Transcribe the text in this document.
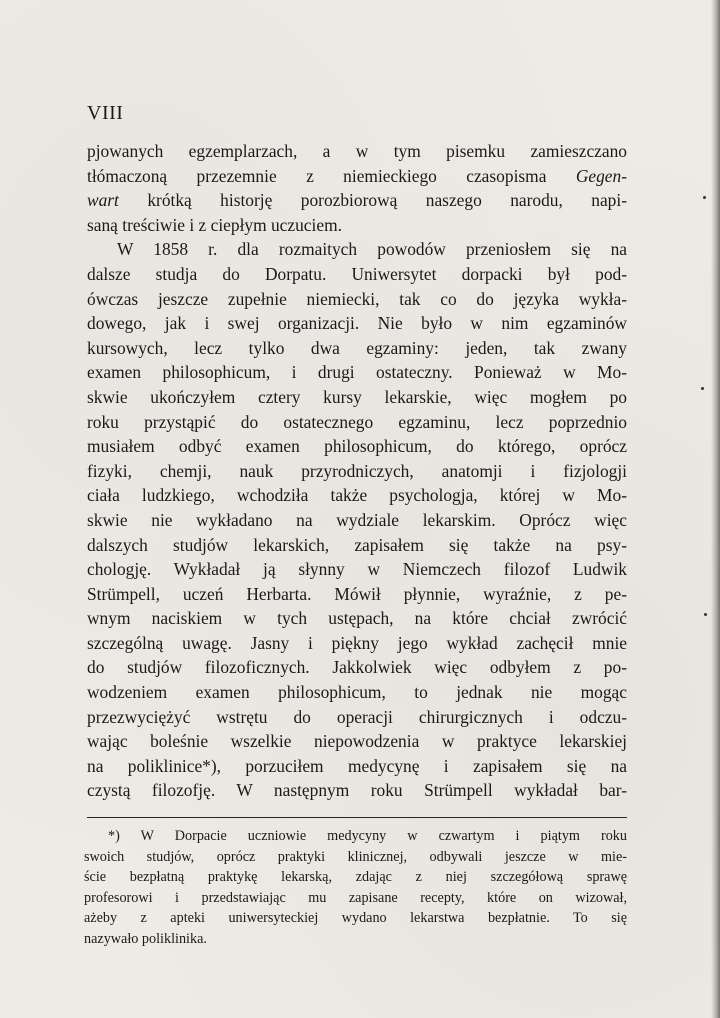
VIII
pjowanych egzemplarzach, a w tym pisemku zamieszczano
tłómaczoną przezemnie z niemieckiego czasopisma Gegen-
wart krótką historję porozbiorową naszego narodu, napi-
saną treściwie i z ciepłym uczuciem.
W 1858 r. dla rozmaitych powodów przeniosłem się na
dalsze studja do Dorpatu. Uniwersytet dorpacki był pod-
ówczas jeszcze zupełnie niemiecki, tak co do języka wykła-
dowego, jak i swej organizacji. Nie było w nim egzaminów
kursowych, lecz tylko dwa egzaminy: jeden, tak zwany
examen philosophicum, i drugi ostateczny. Ponieważ w Mo-
skwie ukończyłem cztery kursy lekarskie, więc mogłem po
roku przystąpić do ostatecznego egzaminu, lecz poprzednio
musiałem odbyć examen philosophicum, do którego, oprócz
fizyki, chemji, nauk przyrodniczych, anatomji i fizjologji
ciała ludzkiego, wchodziła także psychologja, której w Mo-
skwie nie wykładano na wydziale lekarskim. Oprócz więc
dalszych studjów lekarskich, zapisałem się także na psy-
chologję. Wykładał ją słynny w Niemczech filozof Ludwik
Strümpell, uczeń Herbarta. Mówił płynnie, wyraźnie, z pe-
wnym naciskiem w tych ustępach, na które chciał zwrócić
szczególną uwagę. Jasny i piękny jego wykład zachęcił mnie
do studjów filozoficznych. Jakkolwiek więc odbyłem z po-
wodzeniem examen philosophicum, to jednak nie mogąc
przezwyciężyć wstrętu do operacji chirurgicznych i odczu-
wając boleśnie wszelkie niepowodzenia w praktyce lekarskiej
na poliklinice*), porzuciłem medycynę i zapisałem się na
czystą filozofję. W następnym roku Strümpell wykładał bar-
*) W Dorpacie uczniowie medycyny w czwartym i piątym roku
swoich studjów, oprócz praktyki klinicznej, odbywali jeszcze w mie-
ście bezpłatną praktykę lekarską, zdając z niej szczegółową sprawę
profesorowi i przedstawiając mu zapisane recepty, które on wizował,
ażeby z apteki uniwersyteckiej wydano lekarstwa bezpłatnie. To się
nazywało poliklinika.
